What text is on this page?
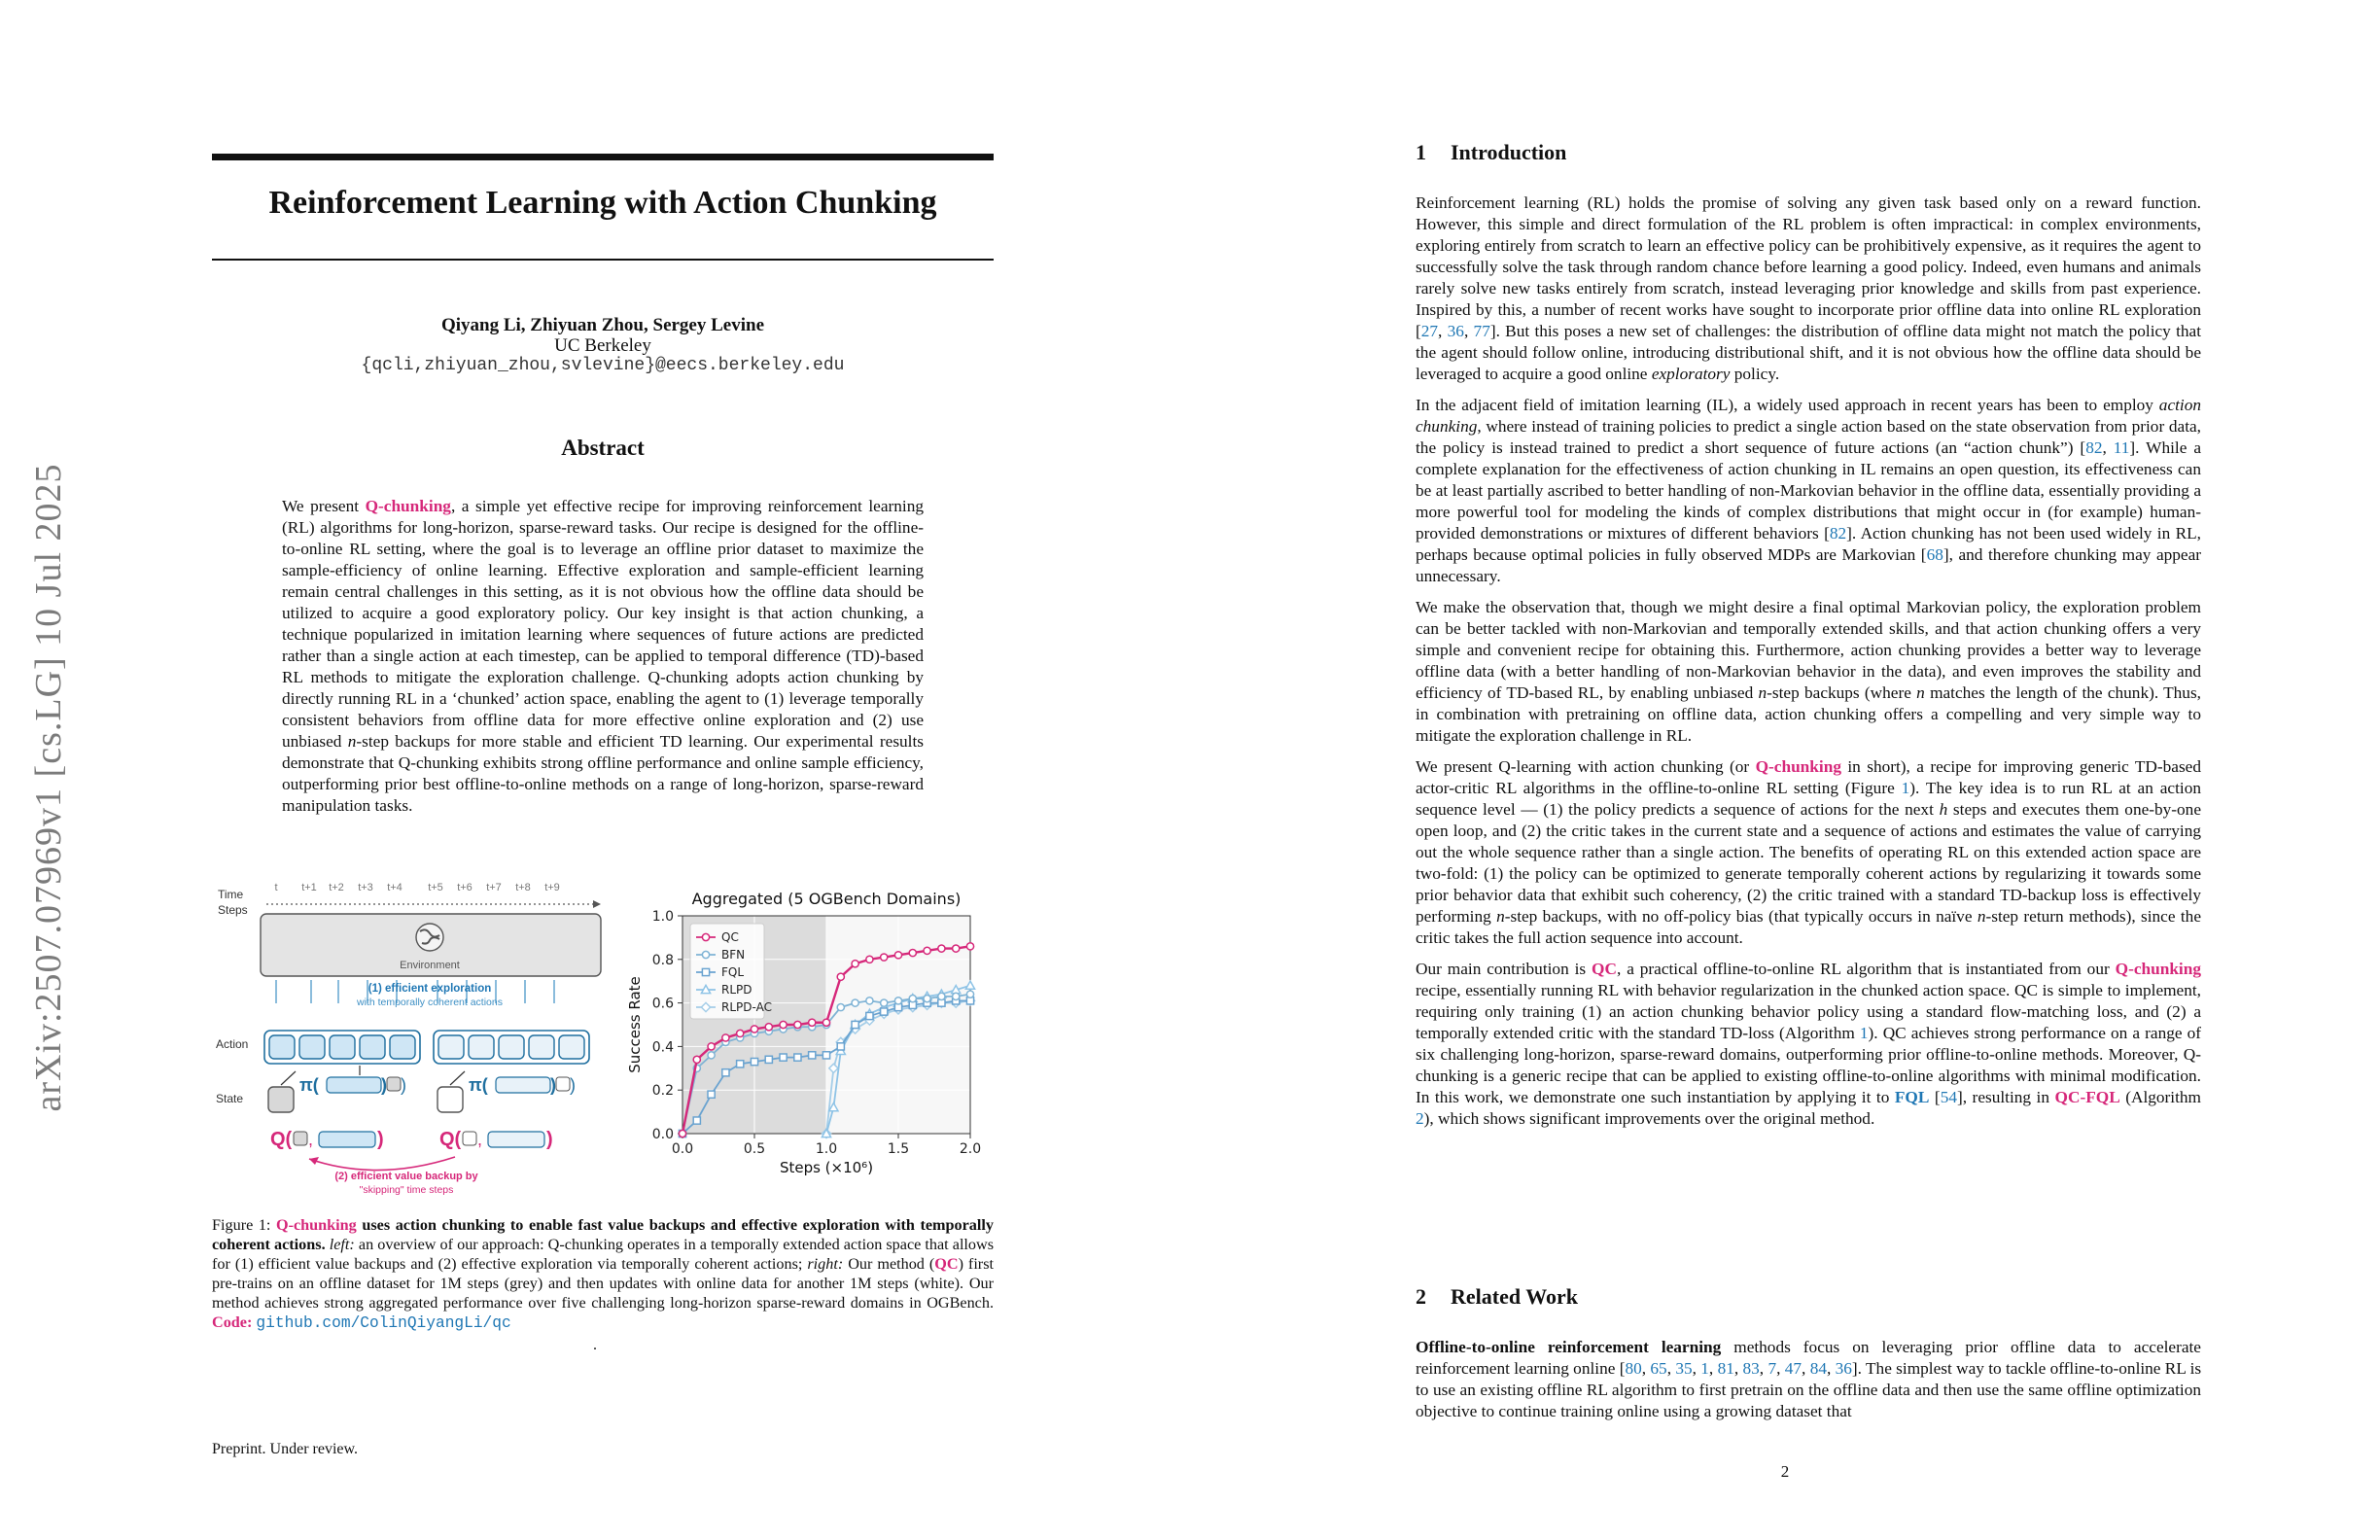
arXiv:2507.07969v1 [cs.LG] 10 Jul 2025
Reinforcement Learning with Action Chunking
Qiyang Li, Zhiyuan Zhou, Sergey Levine
UC Berkeley
{qcli,zhiyuan_zhou,svlevine}@eecs.berkeley.edu
Abstract
We present Q-chunking, a simple yet effective recipe for improving reinforcement learning (RL) algorithms for long-horizon, sparse-reward tasks. Our recipe is designed for the offline-to-online RL setting, where the goal is to leverage an offline prior dataset to maximize the sample-efficiency of online learning. Effective exploration and sample-efficient learning remain central challenges in this setting, as it is not obvious how the offline data should be utilized to acquire a good exploratory policy. Our key insight is that action chunking, a technique popularized in imitation learning where sequences of future actions are predicted rather than a single action at each timestep, can be applied to temporal difference (TD)-based RL methods to mitigate the exploration challenge. Q-chunking adopts action chunking by directly running RL in a ‘chunked’ action space, enabling the agent to (1) leverage temporally consistent behaviors from offline data for more effective online exploration and (2) use unbiased n-step backups for more stable and efficient TD learning. Our experimental results demonstrate that Q-chunking exhibits strong offline performance and online sample efficiency, outperforming prior best offline-to-online methods on a range of long-horizon, sparse-reward manipulation tasks.
Time
Steps
t t+1 t+2 t+3 t+4 t+5 t+6 t+7 t+8 t+9
Environment
(1) efficient exploration
with temporally coherent actions
Action
State
π(	) )	π(	) )
Q( ,	)	Q( ,	)
(2) efficient value backup by
"skipping" time steps
0.0	0.5	1.0	1.5	2.0
0.0
0.2
0.4
0.6
0.8
1.0
Aggregated (5 OGBench Domains)
Steps (×10⁶)
Success Rate
QC
BFN
FQL
RLPD
RLPD-AC
Figure 1: Q-chunking uses action chunking to enable fast value backups and effective exploration with temporally coherent actions. left: an overview of our approach: Q-chunking operates in a temporally extended action space that allows for (1) efficient value backups and (2) effective exploration via temporally coherent actions; right: Our method (QC) first pre-trains on an offline dataset for 1M steps (grey) and then updates with online data for another 1M steps (white). Our method achieves strong aggregated performance over five challenging long-horizon sparse-reward domains in OGBench. Code: github.com/ColinQiyangLi/qc
.
Preprint. Under review.
1 Introduction
Reinforcement learning (RL) holds the promise of solving any given task based only on a reward function. However, this simple and direct formulation of the RL problem is often impractical: in complex environments, exploring entirely from scratch to learn an effective policy can be prohibitively expensive, as it requires the agent to successfully solve the task through random chance before learning a good policy. Indeed, even humans and animals rarely solve new tasks entirely from scratch, instead leveraging prior knowledge and skills from past experience. Inspired by this, a number of recent works have sought to incorporate prior offline data into online RL exploration [27, 36, 77]. But this poses a new set of challenges: the distribution of offline data might not match the policy that the agent should follow online, introducing distributional shift, and it is not obvious how the offline data should be leveraged to acquire a good online exploratory policy.
In the adjacent field of imitation learning (IL), a widely used approach in recent years has been to employ action chunking, where instead of training policies to predict a single action based on the state observation from prior data, the policy is instead trained to predict a short sequence of future actions (an “action chunk”) [82, 11]. While a complete explanation for the effectiveness of action chunking in IL remains an open question, its effectiveness can be at least partially ascribed to better handling of non-Markovian behavior in the offline data, essentially providing a more powerful tool for modeling the kinds of complex distributions that might occur in (for example) human-provided demonstrations or mixtures of different behaviors [82]. Action chunking has not been used widely in RL, perhaps because optimal policies in fully observed MDPs are Markovian [68], and therefore chunking may appear unnecessary.
We make the observation that, though we might desire a final optimal Markovian policy, the exploration problem can be better tackled with non-Markovian and temporally extended skills, and that action chunking offers a very simple and convenient recipe for obtaining this. Furthermore, action chunking provides a better way to leverage offline data (with a better handling of non-Markovian behavior in the data), and even improves the stability and efficiency of TD-based RL, by enabling unbiased n-step backups (where n matches the length of the chunk). Thus, in combination with pretraining on offline data, action chunking offers a compelling and very simple way to mitigate the exploration challenge in RL.
We present Q-learning with action chunking (or Q-chunking in short), a recipe for improving generic TD-based actor-critic RL algorithms in the offline-to-online RL setting (Figure 1). The key idea is to run RL at an action sequence level — (1) the policy predicts a sequence of actions for the next h steps and executes them one-by-one open loop, and (2) the critic takes in the current state and a sequence of actions and estimates the value of carrying out the whole sequence rather than a single action. The benefits of operating RL on this extended action space are two-fold: (1) the policy can be optimized to generate temporally coherent actions by regularizing it towards some prior behavior data that exhibit such coherency, (2) the critic trained with a standard TD-backup loss is effectively performing n-step backups, with no off-policy bias (that typically occurs in naïve n-step return methods), since the critic takes the full action sequence into account.
Our main contribution is QC, a practical offline-to-online RL algorithm that is instantiated from our Q-chunking recipe, essentially running RL with behavior regularization in the chunked action space. QC is simple to implement, requiring only training (1) an action chunking behavior policy using a standard flow-matching loss, and (2) a temporally extended critic with the standard TD-loss (Algorithm 1). QC achieves strong performance on a range of six challenging long-horizon, sparse-reward domains, outperforming prior offline-to-online methods. Moreover, Q-chunking is a generic recipe that can be applied to existing offline-to-online algorithms with minimal modification. In this work, we demonstrate one such instantiation by applying it to FQL [54], resulting in QC-FQL (Algorithm 2), which shows significant improvements over the original method.
2 Related Work
Offline-to-online reinforcement learning methods focus on leveraging prior offline data to accelerate reinforcement learning online [80, 65, 35, 1, 81, 83, 7, 47, 84, 36]. The simplest way to tackle offline-to-online RL is to use an existing offline RL algorithm to first pretrain on the offline data and then use the same offline optimization objective to continue training online using a growing dataset that
2
